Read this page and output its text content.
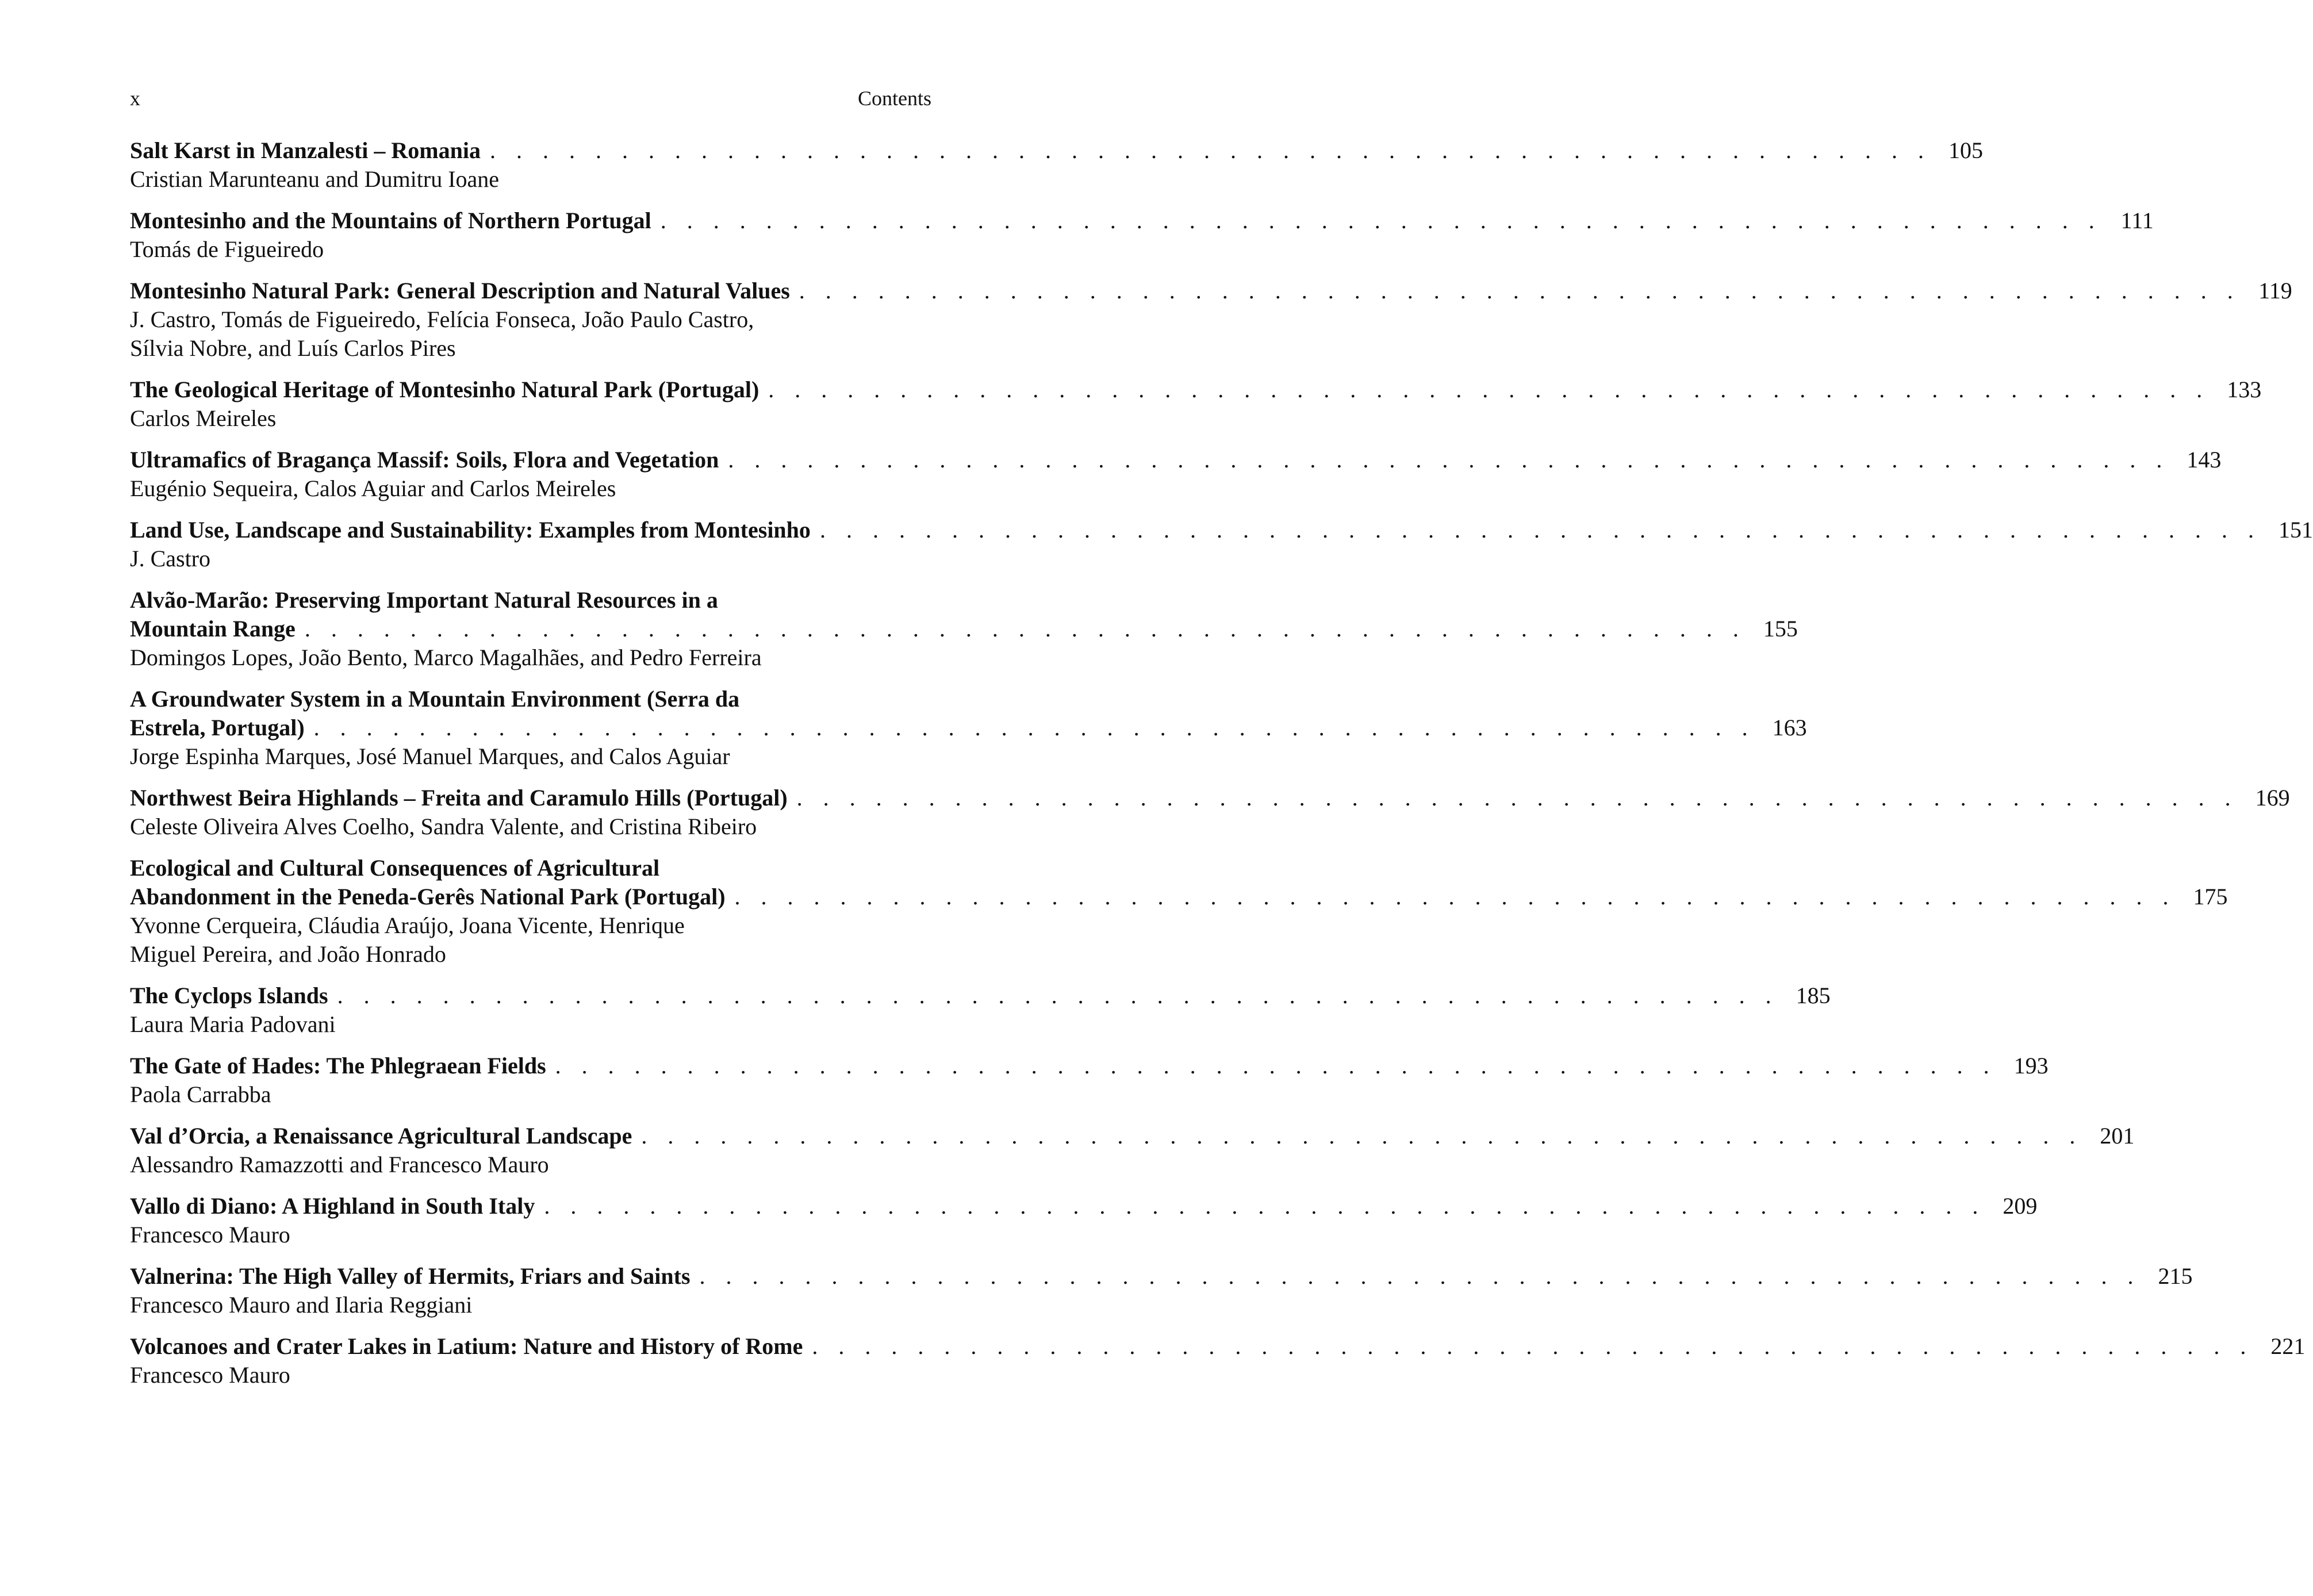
x	Contents
Salt Karst in Manzalesti – Romania . . . . . . . . . . . . . . . . . . . . . . . . . . . . . . . . . . . . . . . . . . . . . . . . . . . . . . . 105
Cristian Marunteanu and Dumitru Ioane
Montesinho and the Mountains of Northern Portugal . . . . . . . . . . . . . . . . . . . . . . . . . . . . . . . . . . . . . . . . . . . . . . . . . . . . . . . 111
Tomás de Figueiredo
Montesinho Natural Park: General Description and Natural Values . . . . . . . . . . . . . . . . . . . . . . . . . . . . . . . . . . . . . . . . . . . . . . . . . . . . . . . 119
J. Castro, Tomás de Figueiredo, Felícia Fonseca, João Paulo Castro,
Sílvia Nobre, and Luís Carlos Pires
The Geological Heritage of Montesinho Natural Park (Portugal) . . . . . . . . . . . . . . . . . . . . . . . . . . . . . . . . . . . . . . . . . . . . . . . . . . . . . . . 133
Carlos Meireles
Ultramafics of Bragança Massif: Soils, Flora and Vegetation . . . . . . . . . . . . . . . . . . . . . . . . . . . . . . . . . . . . . . . . . . . . . . . . . . . . . . . 143
Eugénio Sequeira, Calos Aguiar and Carlos Meireles
Land Use, Landscape and Sustainability: Examples from Montesinho . . . . . . . . . . . . . . . . . . . . . . . . . . . . . . . . . . . . . . . . . . . . . . . . . . . . . . . 151
J. Castro
Alvão-Marão: Preserving Important Natural Resources in a
Mountain Range . . . . . . . . . . . . . . . . . . . . . . . . . . . . . . . . . . . . . . . . . . . . . . . . . . . . . . . 155
Domingos Lopes, João Bento, Marco Magalhães, and Pedro Ferreira
A Groundwater System in a Mountain Environment (Serra da
Estrela, Portugal) . . . . . . . . . . . . . . . . . . . . . . . . . . . . . . . . . . . . . . . . . . . . . . . . . . . . . . . 163
Jorge Espinha Marques, José Manuel Marques, and Calos Aguiar
Northwest Beira Highlands – Freita and Caramulo Hills (Portugal) . . . . . . . . . . . . . . . . . . . . . . . . . . . . . . . . . . . . . . . . . . . . . . . . . . . . . . . 169
Celeste Oliveira Alves Coelho, Sandra Valente, and Cristina Ribeiro
Ecological and Cultural Consequences of Agricultural
Abandonment in the Peneda-Gerês National Park (Portugal) . . . . . . . . . . . . . . . . . . . . . . . . . . . . . . . . . . . . . . . . . . . . . . . . . . . . . . . 175
Yvonne Cerqueira, Cláudia Araújo, Joana Vicente, Henrique
Miguel Pereira, and João Honrado
The Cyclops Islands . . . . . . . . . . . . . . . . . . . . . . . . . . . . . . . . . . . . . . . . . . . . . . . . . . . . . . . 185
Laura Maria Padovani
The Gate of Hades: The Phlegraean Fields . . . . . . . . . . . . . . . . . . . . . . . . . . . . . . . . . . . . . . . . . . . . . . . . . . . . . . . 193
Paola Carrabba
Val d’Orcia, a Renaissance Agricultural Landscape . . . . . . . . . . . . . . . . . . . . . . . . . . . . . . . . . . . . . . . . . . . . . . . . . . . . . . . 201
Alessandro Ramazzotti and Francesco Mauro
Vallo di Diano: A Highland in South Italy . . . . . . . . . . . . . . . . . . . . . . . . . . . . . . . . . . . . . . . . . . . . . . . . . . . . . . . 209
Francesco Mauro
Valnerina: The High Valley of Hermits, Friars and Saints . . . . . . . . . . . . . . . . . . . . . . . . . . . . . . . . . . . . . . . . . . . . . . . . . . . . . . . 215
Francesco Mauro and Ilaria Reggiani
Volcanoes and Crater Lakes in Latium: Nature and History of Rome . . . . . . . . . . . . . . . . . . . . . . . . . . . . . . . . . . . . . . . . . . . . . . . . . . . . . . . 221
Francesco Mauro
